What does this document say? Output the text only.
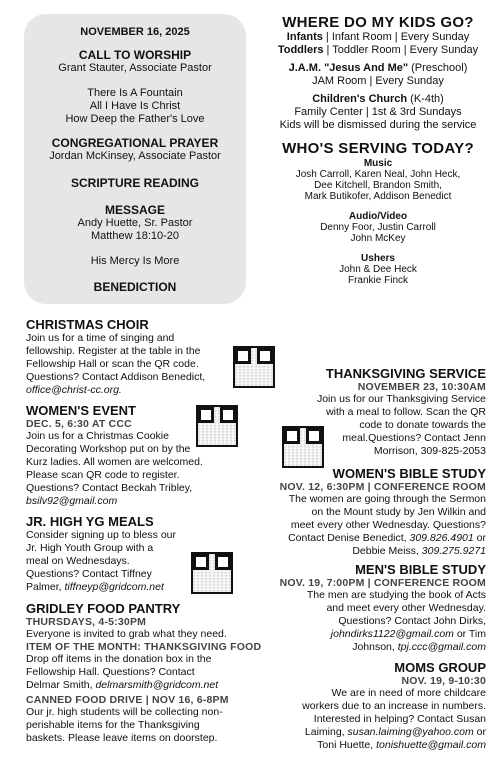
NOVEMBER 16, 2025
CALL TO WORSHIP
Grant Stauter, Associate Pastor
There Is A Fountain
All I Have Is Christ
How Deep the Father's Love
CONGREGATIONAL PRAYER
Jordan McKinsey, Associate Pastor
SCRIPTURE READING
MESSAGE
Andy Huette, Sr. Pastor
Matthew 18:10-20
His Mercy Is More
BENEDICTION
WHERE DO MY KIDS GO?
Infants | Infant Room | Every Sunday
Toddlers | Toddler Room | Every Sunday
J.A.M. "Jesus And Me" (Preschool)
JAM Room | Every Sunday
Children's Church (K-4th)
Family Center | 1st & 3rd Sundays
Kids will be dismissed during the service
WHO'S SERVING TODAY?
Music
Josh Carroll, Karen Neal, John Heck,
Dee Kitchell, Brandon Smith,
Mark Butikofer, Addison Benedict
Audio/Video
Denny Foor, Justin Carroll
John McKey
Ushers
John & Dee Heck
Frankie Finck
CHRISTMAS CHOIR
Join us for a time of singing and
fellowship. Register at the table in the
Fellowship Hall or scan the QR code.
Questions? Contact Addison Benedict,
office@christ-cc.org.
WOMEN'S EVENT
DEC. 5, 6:30 AT CCC
Join us for a Christmas Cookie
Decorating Workshop put on by the
Kurz ladies. All women are welcomed.
Please scan QR code to register.
Questions? Contact Beckah Tribley,
bsilv92@gmail.com
JR. HIGH YG MEALS
Consider signing up to bless our
Jr. High Youth Group with a
meal on Wednesdays.
Questions? Contact Tiffney
Palmer, tiffneyp@gridcom.net
GRIDLEY FOOD PANTRY
THURSDAYS, 4-5:30PM
Everyone is invited to grab what they need.
ITEM OF THE MONTH: THANKSGIVING FOOD
Drop off items in the donation box in the
Fellowship Hall. Questions? Contact
Delmar Smith, delmarsmith@gridcom.net
CANNED FOOD DRIVE | NOV 16, 6-8PM
Our jr. high students will be collecting non-
perishable items for the Thanksgiving
baskets. Please leave items on doorstep.
THANKSGIVING SERVICE
NOVEMBER 23, 10:30AM
Join us for our Thanksgiving Service
with a meal to follow. Scan the QR
code to donate towards the
meal.Questions? Contact Jenn
Morrison, 309-825-2053
WOMEN'S BIBLE STUDY
NOV. 12, 6:30PM | CONFERENCE ROOM
The women are going through the Sermon
on the Mount study by Jen Wilkin and
meet every other Wednesday. Questions?
Contact Denise Benedict, 309.826.4901 or
Debbie Meiss, 309.275.9271
MEN'S BIBLE STUDY
NOV. 19, 7:00PM | CONFERENCE ROOM
The men are studying the book of Acts
and meet every other Wednesday.
Questions? Contact John Dirks,
johndirks1122@gmail.com or Tim
Johnson, tpj.ccc@gmail.com
MOMS GROUP
NOV. 19, 9-10:30
We are in need of more childcare
workers due to an increase in numbers.
Interested in helping? Contact Susan
Laiming, susan.laiming@yahoo.com or
Toni Huette, tonishuette@gmail.com
